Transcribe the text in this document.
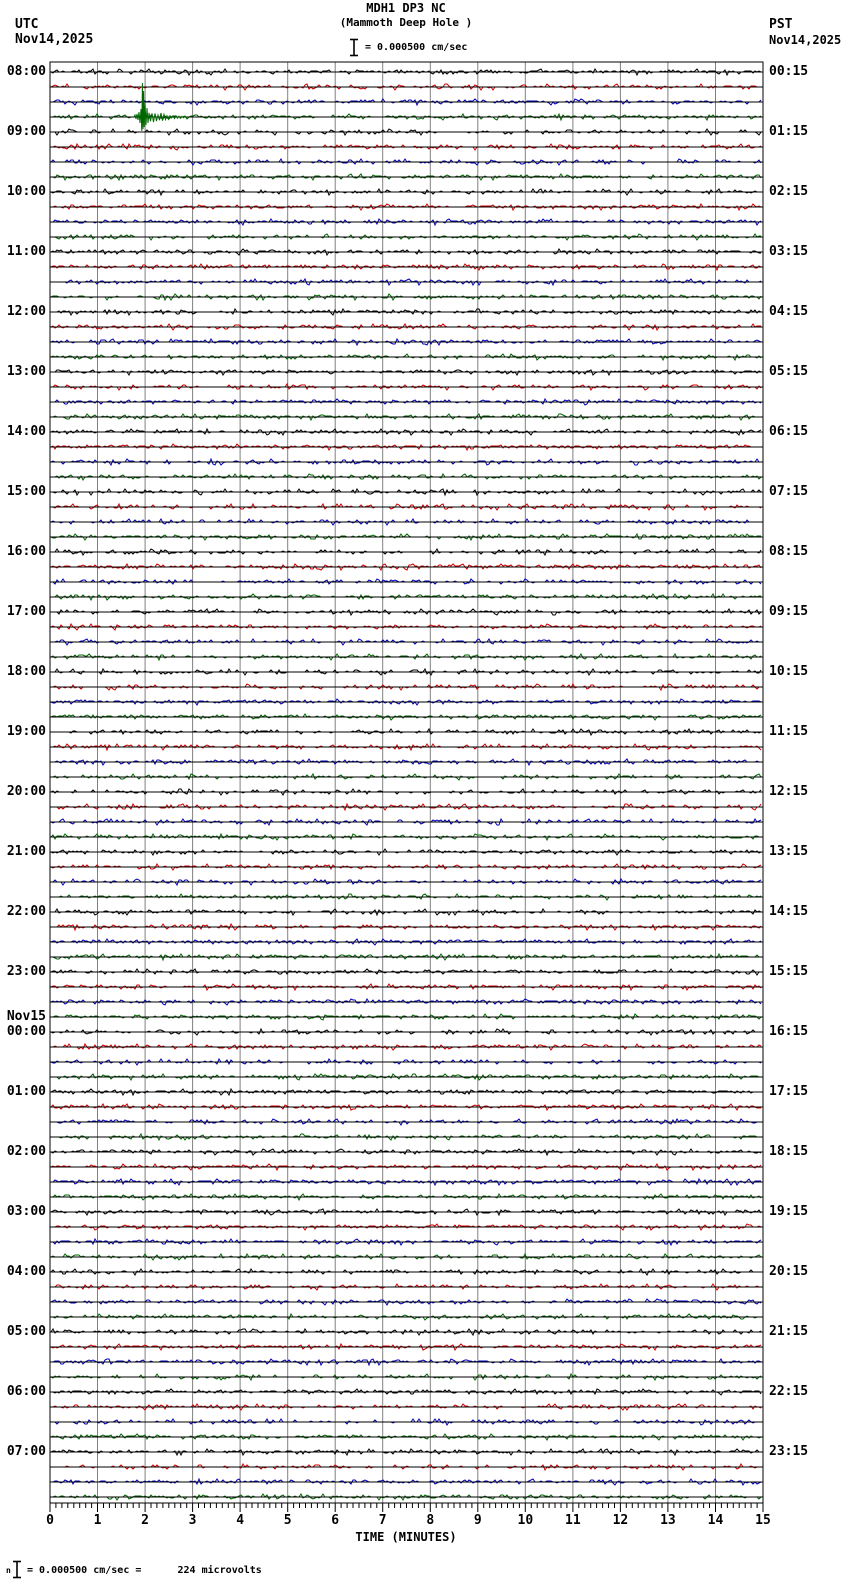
MDH1 DP3 NC
(Mammoth Deep Hole )
UTC
Nov14,2025
PST
Nov14,2025
= 0.000500 cm/sec
08:00
09:00
10:00
11:00
12:00
13:00
14:00
15:00
16:00
17:00
18:00
19:00
20:00
21:00
22:00
23:00
Nov15
00:00
01:00
02:00
03:00
04:00
05:00
06:00
07:00
00:15
01:15
02:15
03:15
04:15
05:15
06:15
07:15
08:15
09:15
10:15
11:15
12:15
13:15
14:15
15:15
16:15
17:15
18:15
19:15
20:15
21:15
22:15
23:15
0	1	2	3	4	5	6	7	8	9	10	11	12	13	14	15
TIME (MINUTES)
n = 0.000500 cm/sec =      224 microvolts
